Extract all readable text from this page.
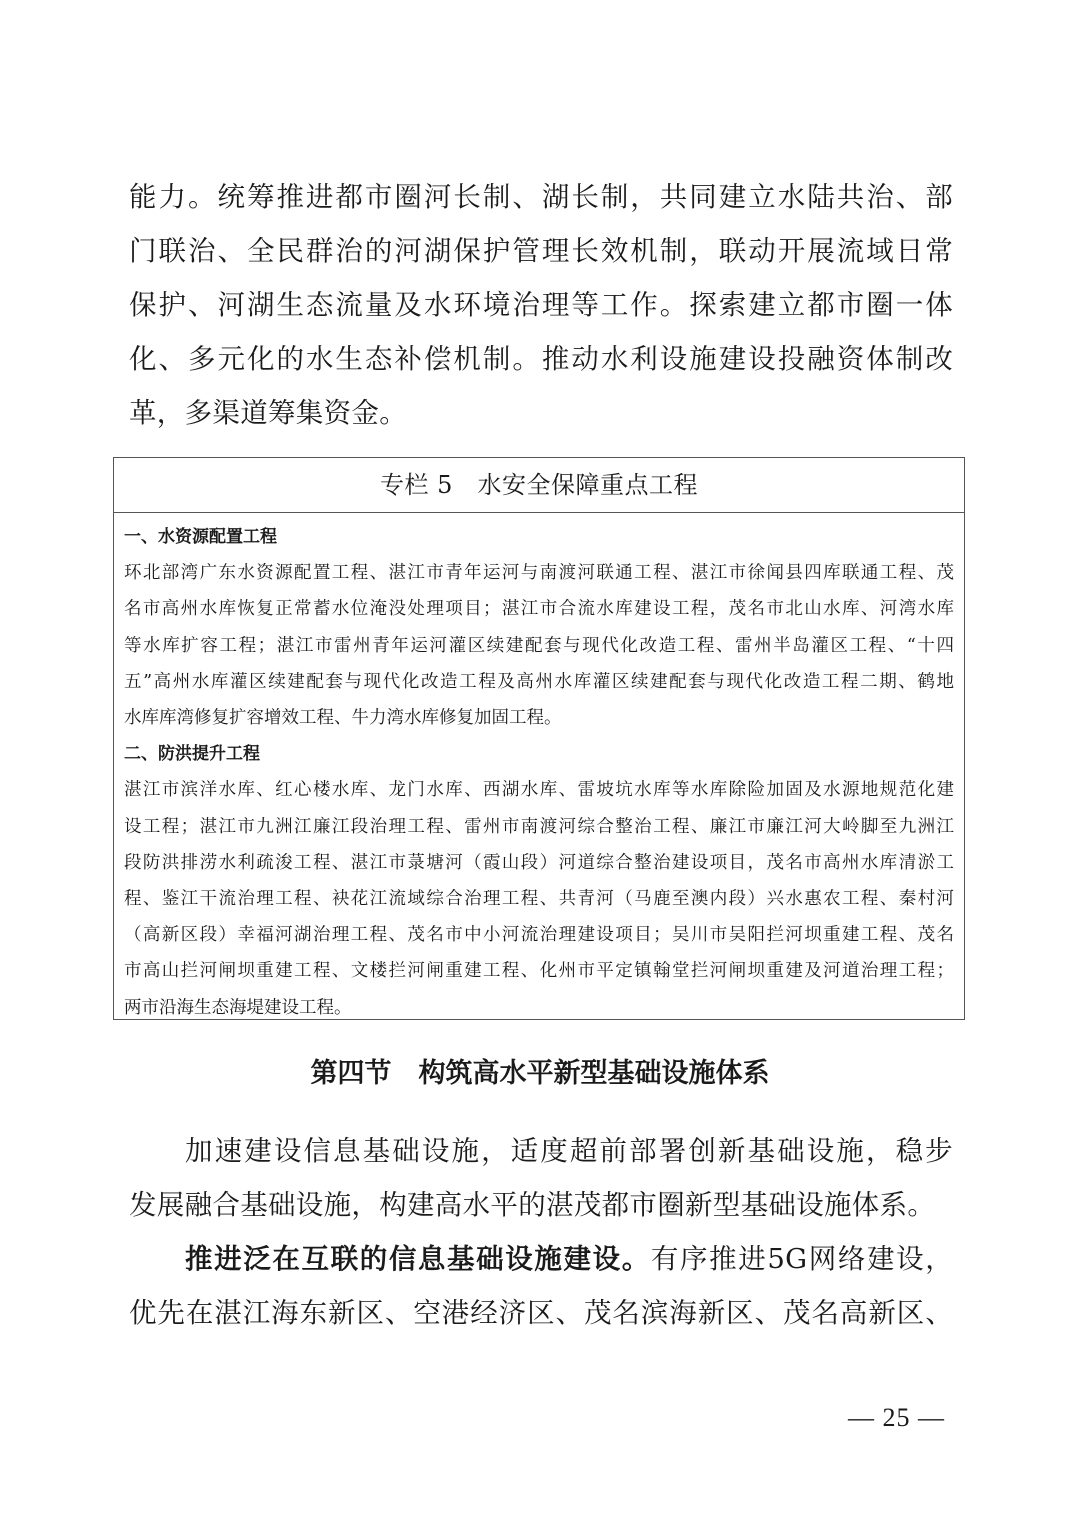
能力。统筹推进都市圈河长制、湖长制，共同建立水陆共治、部
门联治、全民群治的河湖保护管理长效机制，联动开展流域日常
保护、河湖生态流量及水环境治理等工作。探索建立都市圈一体
化、多元化的水生态补偿机制。推动水利设施建设投融资体制改
革，多渠道筹集资金。
专栏 5　水安全保障重点工程
一、水资源配置工程
环北部湾广东水资源配置工程、湛江市青年运河与南渡河联通工程、湛江市徐闻县四库联通工程、茂
名市高州水库恢复正常蓄水位淹没处理项目；湛江市合流水库建设工程，茂名市北山水库、河湾水库
等水库扩容工程；湛江市雷州青年运河灌区续建配套与现代化改造工程、雷州半岛灌区工程、“十四
五”高州水库灌区续建配套与现代化改造工程及高州水库灌区续建配套与现代化改造工程二期、鹤地
水库库湾修复扩容增效工程、牛力湾水库修复加固工程。
二、防洪提升工程
湛江市滨洋水库、红心楼水库、龙门水库、西湖水库、雷坡坑水库等水库除险加固及水源地规范化建
设工程；湛江市九洲江廉江段治理工程、雷州市南渡河综合整治工程、廉江市廉江河大岭脚至九洲江
段防洪排涝水利疏浚工程、湛江市菉塘河（霞山段）河道综合整治建设项目，茂名市高州水库清淤工
程、鉴江干流治理工程、袂花江流域综合治理工程、共青河（马鹿至澳内段）兴水惠农工程、秦村河
（高新区段）幸福河湖治理工程、茂名市中小河流治理建设项目；吴川市吴阳拦河坝重建工程、茂名
市高山拦河闸坝重建工程、文楼拦河闸重建工程、化州市平定镇翰堂拦河闸坝重建及河道治理工程；
两市沿海生态海堤建设工程。
第四节　构筑高水平新型基础设施体系
加速建设信息基础设施，适度超前部署创新基础设施，稳步
发展融合基础设施，构建高水平的湛茂都市圈新型基础设施体系。
推进泛在互联的信息基础设施建设。有序推进5G网络建设，
优先在湛江海东新区、空港经济区、茂名滨海新区、茂名高新区、
— 25 —
